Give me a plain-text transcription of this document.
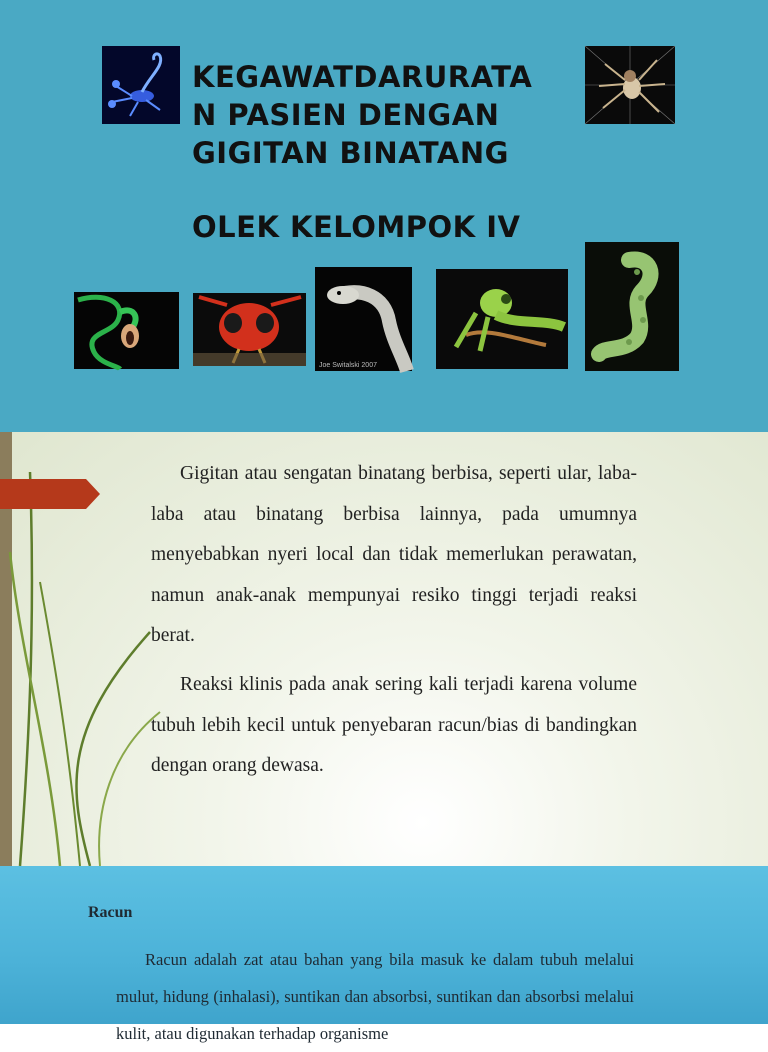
KEGAWATDARURATA
N PASIEN DENGAN
GIGITAN BINATANG
OLEK KELOMPOK IV
Joe Switalski 2007

Gigitan atau sengatan binatang berbisa, seperti ular, laba-laba atau binatang berbisa lainnya, pada umumnya menyebabkan nyeri local dan tidak memerlukan perawatan, namun anak-anak mempunyai resiko tinggi terjadi reaksi berat.

Reaksi klinis pada anak sering kali terjadi karena volume tubuh lebih kecil untuk penyebaran racun/bias di bandingkan dengan orang dewasa.

Racun

Racun adalah zat atau bahan yang bila masuk ke dalam tubuh melalui mulut, hidung (inhalasi), suntikan dan absorbsi, suntikan dan absorbsi melalui kulit, atau digunakan terhadap organisme
